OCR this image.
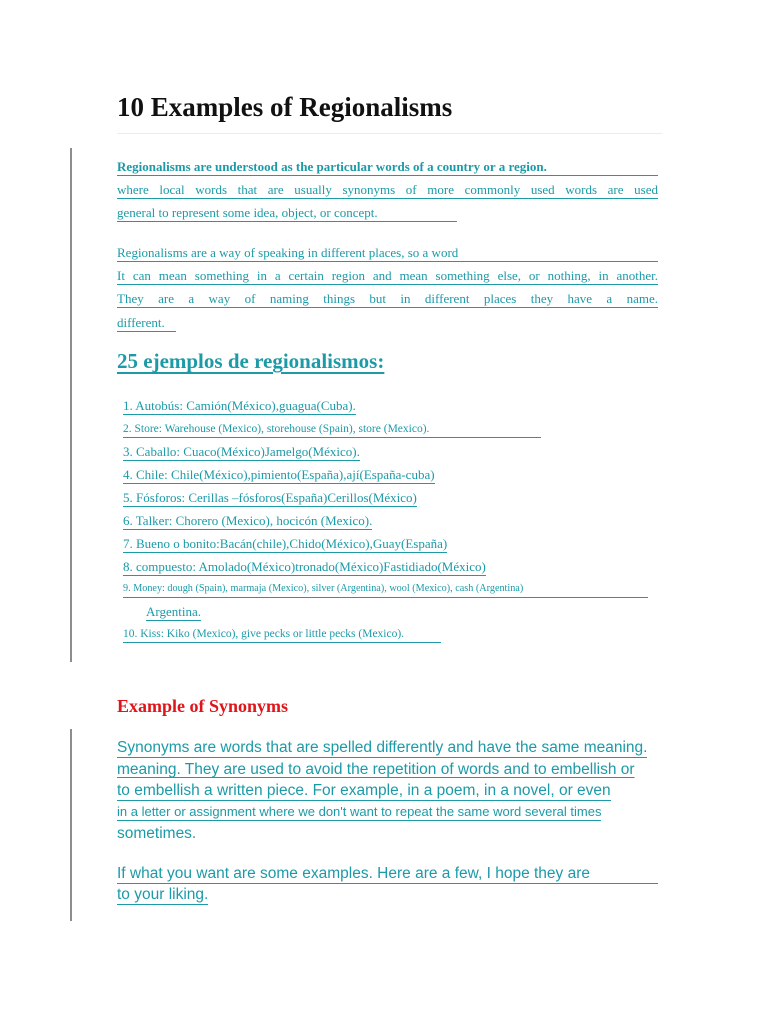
10 Examples of Regionalisms
Regionalisms are understood as the particular words of a country or a region.
where local words that are usually synonyms of more commonly used words are used
general to represent some idea, object, or concept.
Regionalisms are a way of speaking in different places, so a word
It can mean something in a certain region and mean something else, or nothing, in another.
They are a way of naming things but in different places they have a name.
different.
25 ejemplos de regionalismos:
1. Autobús: Camión(México),guagua(Cuba).
2. Store: Warehouse (Mexico), storehouse (Spain), store (Mexico).
3. Caballo: Cuaco(México)Jamelgo(México).
4. Chile: Chile(México),pimiento(España),ají(España-cuba)
5. Fósforos: Cerillas –fósforos(España)Cerillos(México)
6. Talker: Chorero (Mexico), hocicón (Mexico).
7. Bueno o bonito:Bacán(chile),Chido(México),Guay(España)
8. compuesto: Amolado(México)tronado(México)Fastidiado(México)
9. Money: dough (Spain), marmaja (Mexico), silver (Argentina), wool (Mexico), cash (Argentina)
Argentina.
10. Kiss: Kiko (Mexico), give pecks or little pecks (Mexico).
Example of Synonyms
Synonyms are words that are spelled differently and have the same meaning.
meaning. They are used to avoid the repetition of words and to embellish or
to embellish a written piece. For example, in a poem, in a novel, or even
in a letter or assignment where we don't want to repeat the same word several times
sometimes.
If what you want are some examples. Here are a few, I hope they are
to your liking.
